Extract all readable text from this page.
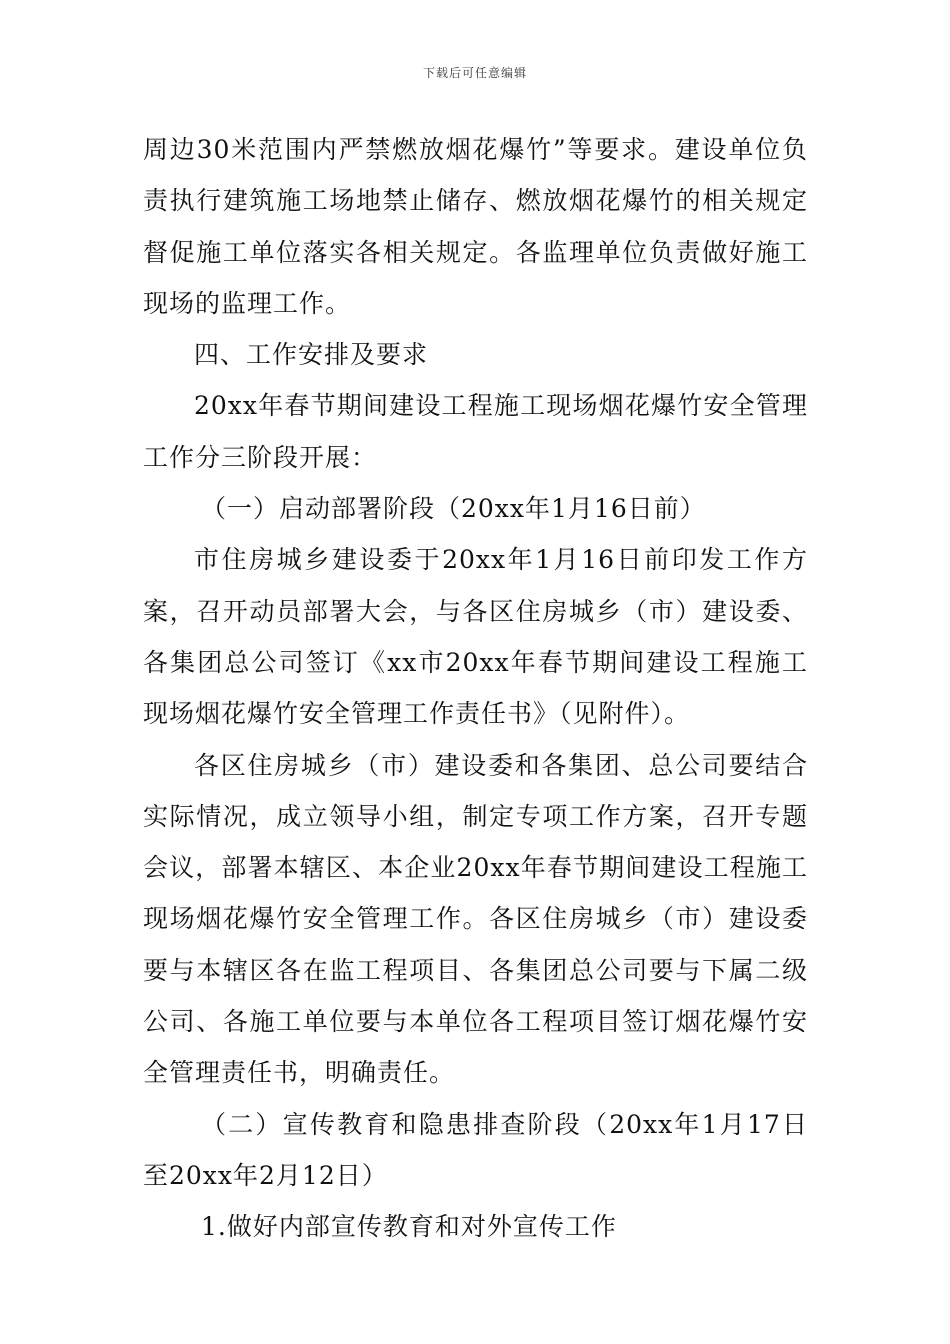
下载后可任意编辑

周边30米范围内严禁燃放烟花爆竹”等要求。建设单位负责执行建筑施工场地禁止储存、燃放烟花爆竹的相关规定督促施工单位落实各相关规定。各监理单位负责做好施工现场的监理工作。

四、工作安排及要求

20xx年春节期间建设工程施工现场烟花爆竹安全管理工作分三阶段开展：

（一）启动部署阶段（20xx年1月16日前）

市住房城乡建设委于20xx年1月16日前印发工作方案，召开动员部署大会，与各区住房城乡（市）建设委、各集团总公司签订《xx市20xx年春节期间建设工程施工现场烟花爆竹安全管理工作责任书》（见附件）。

各区住房城乡（市）建设委和各集团、总公司要结合实际情况，成立领导小组，制定专项工作方案，召开专题会议，部署本辖区、本企业20xx年春节期间建设工程施工现场烟花爆竹安全管理工作。各区住房城乡（市）建设委要与本辖区各在监工程项目、各集团总公司要与下属二级公司、各施工单位要与本单位各工程项目签订烟花爆竹安全管理责任书，明确责任。

（二）宣传教育和隐患排查阶段（20xx年1月17日至20xx年2月12日）

1.做好内部宣传教育和对外宣传工作
